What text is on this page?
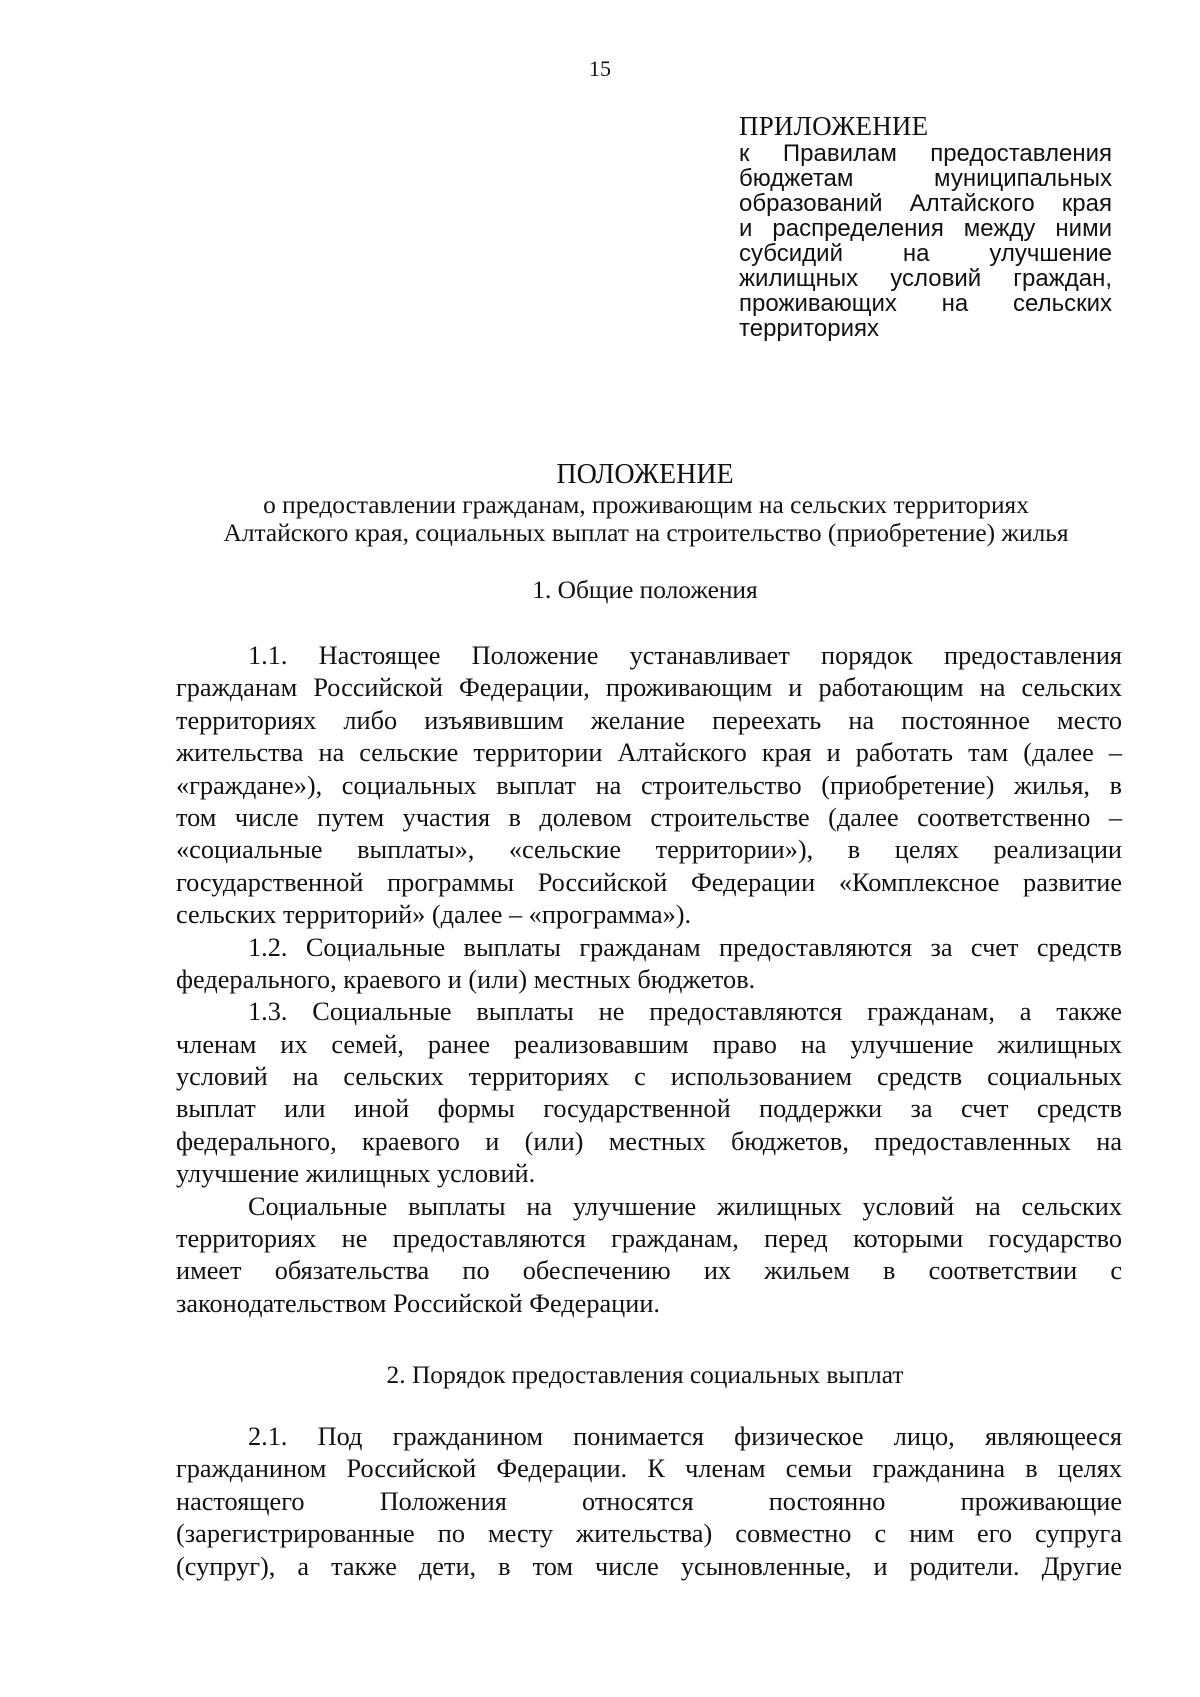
15
ПРИЛОЖЕНИЕ
к Правилам предоставления
бюджетам муниципальных
образований Алтайского края
и распределения между ними
субсидий на улучшение
жилищных условий граждан,
проживающих на сельских
территориях
ПОЛОЖЕНИЕ
о предоставлении гражданам, проживающим на сельских территориях
Алтайского края, социальных выплат на строительство (приобретение) жилья
1. Общие положения
1.1. Настоящее Положение устанавливает порядок предоставления
гражданам Российской Федерации, проживающим и работающим на сельских
территориях либо изъявившим желание переехать на постоянное место
жительства на сельские территории Алтайского края и работать там (далее –
«граждане»), социальных выплат на строительство (приобретение) жилья, в
том числе путем участия в долевом строительстве (далее соответственно –
«социальные выплаты», «сельские территории»), в целях реализации
государственной программы Российской Федерации «Комплексное развитие
сельских территорий» (далее – «программа»).
1.2. Социальные выплаты гражданам предоставляются за счет средств
федерального, краевого и (или) местных бюджетов.
1.3. Социальные выплаты не предоставляются гражданам, а также
членам их семей, ранее реализовавшим право на улучшение жилищных
условий на сельских территориях с использованием средств социальных
выплат или иной формы государственной поддержки за счет средств
федерального, краевого и (или) местных бюджетов, предоставленных на
улучшение жилищных условий.
Социальные выплаты на улучшение жилищных условий на сельских
территориях не предоставляются гражданам, перед которыми государство
имеет обязательства по обеспечению их жильем в соответствии с
законодательством Российской Федерации.
2. Порядок предоставления социальных выплат
2.1. Под гражданином понимается физическое лицо, являющееся
гражданином Российской Федерации. К членам семьи гражданина в целях
настоящего Положения относятся постоянно проживающие
(зарегистрированные по месту жительства) совместно с ним его супруга
(супруг), а также дети, в том числе усыновленные, и родители. Другие
